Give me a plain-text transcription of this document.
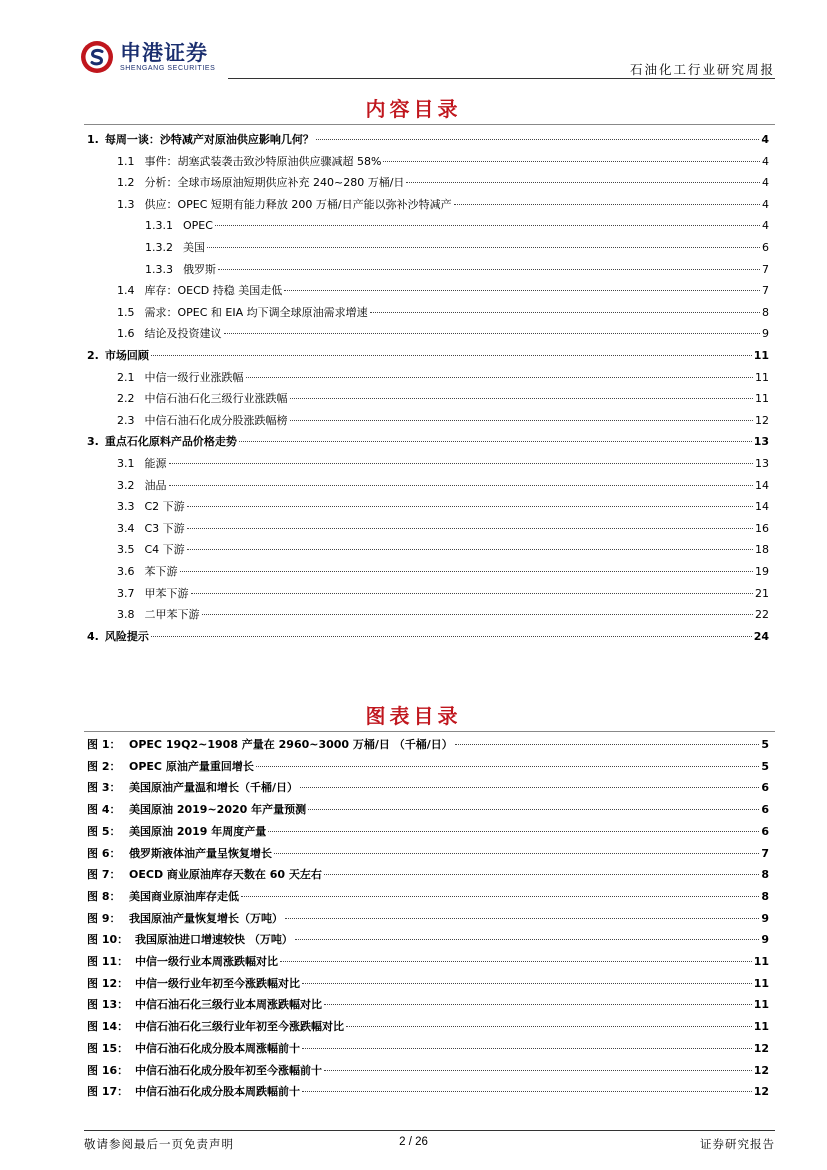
申港证券
SHENGANG SECURITIES	石油化工行业研究周报
内容目录
1. 每周一谈：沙特减产对原油供应影响几何？	4
1.1 事件：胡塞武装袭击致沙特原油供应骤减超 58%	4
1.2 分析：全球市场原油短期供应补充 240~280 万桶/日	4
1.3 供应：OPEC 短期有能力释放 200 万桶/日产能以弥补沙特减产	4
1.3.1 OPEC	4
1.3.2 美国	6
1.3.3 俄罗斯	7
1.4 库存：OECD 持稳 美国走低	7
1.5 需求：OPEC 和 EIA 均下调全球原油需求增速	8
1.6 结论及投资建议	9
2. 市场回顾	11
2.1 中信一级行业涨跌幅	11
2.2 中信石油石化三级行业涨跌幅	11
2.3 中信石油石化成分股涨跌幅榜	12
3. 重点石化原料产品价格走势	13
3.1 能源	13
3.2 油品	14
3.3 C2 下游	14
3.4 C3 下游	16
3.5 C4 下游	18
3.6 苯下游	19
3.7 甲苯下游	21
3.8 二甲苯下游	22
4. 风险提示	24
图表目录
图 1： OPEC 19Q2~1908 产量在 2960~3000 万桶/日 （千桶/日）	5
图 2： OPEC 原油产量重回增长	5
图 3： 美国原油产量温和增长（千桶/日）	6
图 4： 美国原油 2019~2020 年产量预测	6
图 5： 美国原油 2019 年周度产量	6
图 6： 俄罗斯液体油产量呈恢复增长	7
图 7： OECD 商业原油库存天数在 60 天左右	8
图 8： 美国商业原油库存走低	8
图 9： 我国原油产量恢复增长（万吨）	9
图 10： 我国原油进口增速较快 （万吨）	9
图 11： 中信一级行业本周涨跌幅对比	11
图 12： 中信一级行业年初至今涨跌幅对比	11
图 13： 中信石油石化三级行业本周涨跌幅对比	11
图 14： 中信石油石化三级行业年初至今涨跌幅对比	11
图 15： 中信石油石化成分股本周涨幅前十	12
图 16： 中信石油石化成分股年初至今涨幅前十	12
图 17： 中信石油石化成分股本周跌幅前十	12
敬请参阅最后一页免责声明	2 / 26	证券研究报告
